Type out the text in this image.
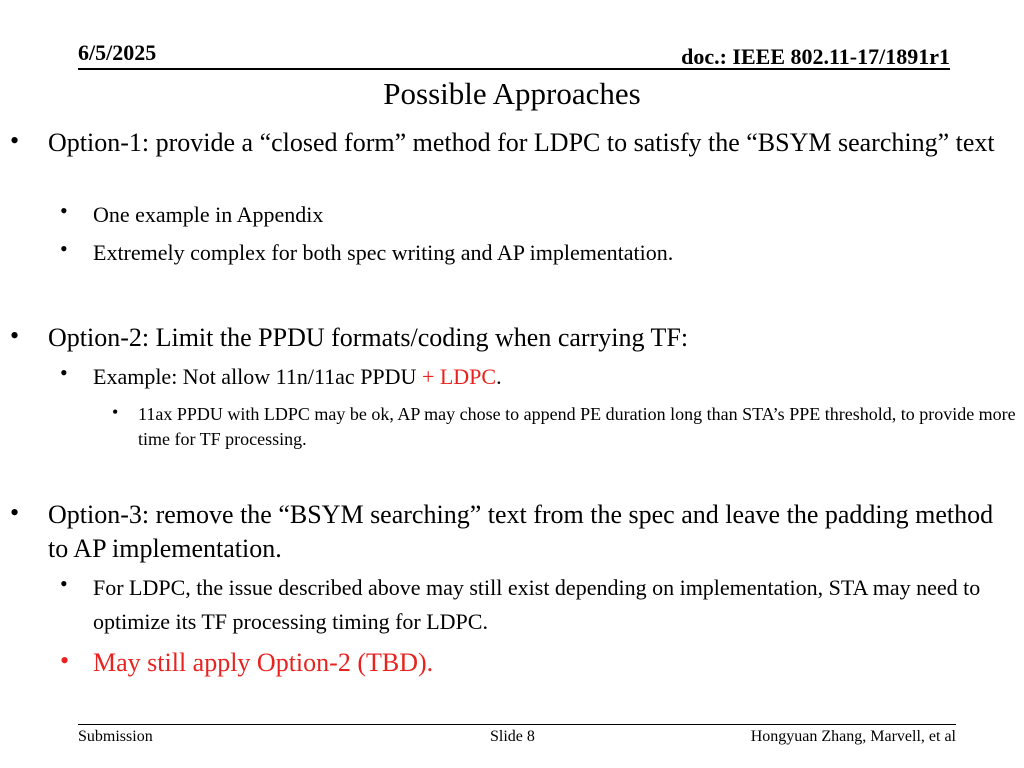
6/5/2025	doc.: IEEE 802.11-17/1891r1
Possible Approaches
• Option-1: provide a “closed form” method for LDPC to satisfy the “BSYM searching” text
• One example in Appendix
• Extremely complex for both spec writing and AP implementation.
• Option-2: Limit the PPDU formats/coding when carrying TF:
• Example: Not allow 11n/11ac PPDU + LDPC.
• 11ax PPDU with LDPC may be ok, AP may chose to append PE duration long than STA’s PPE threshold, to provide more time for TF processing.
• Option-3: remove the “BSYM searching” text from the spec and leave the padding method to AP implementation.
• For LDPC, the issue described above may still exist depending on implementation, STA may need to optimize its TF processing timing for LDPC.
• May still apply Option-2 (TBD).
Submission	Slide 8	Hongyuan Zhang, Marvell, et al
